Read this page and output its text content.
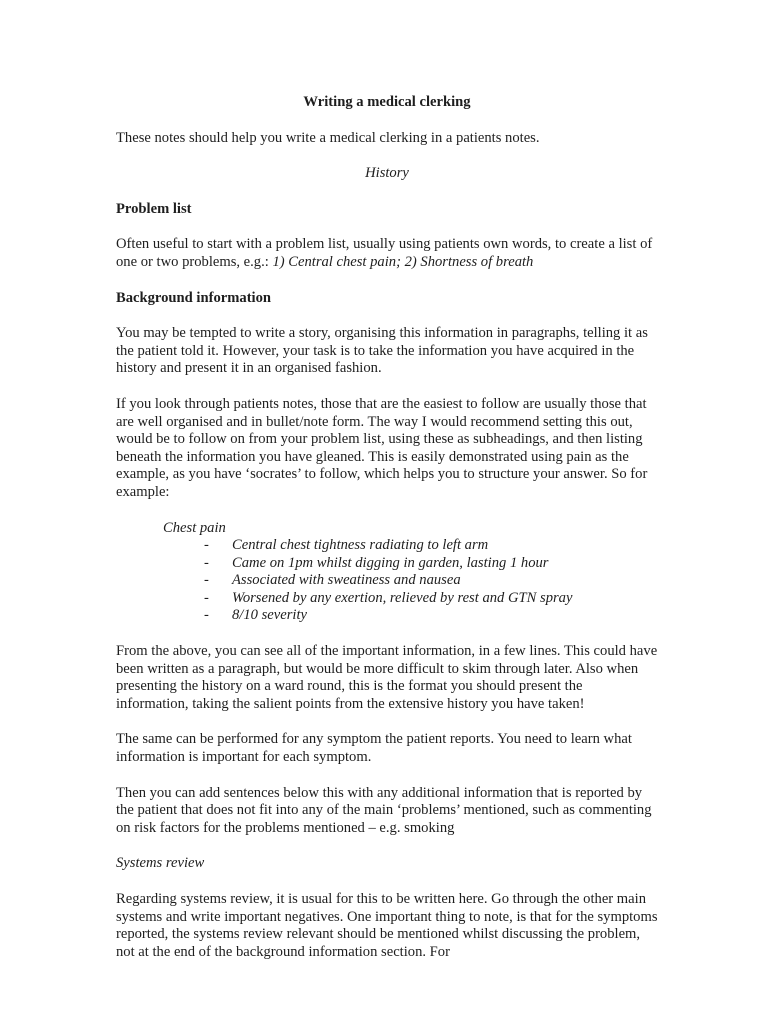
Writing a medical clerking

These notes should help you write a medical clerking in a patients notes.

History

Problem list

Often useful to start with a problem list, usually using patients own words, to create a list of one or two problems, e.g.: 1) Central chest pain; 2) Shortness of breath

Background information

You may be tempted to write a story, organising this information in paragraphs, telling it as the patient told it. However, your task is to take the information you have acquired in the history and present it in an organised fashion.

If you look through patients notes, those that are the easiest to follow are usually those that are well organised and in bullet/note form. The way I would recommend setting this out, would be to follow on from your problem list, using these as subheadings, and then listing beneath the information you have gleaned. This is easily demonstrated using pain as the example, as you have ‘socrates’ to follow, which helps you to structure your answer. So for example:

Chest pain
-	Central chest tightness radiating to left arm
-	Came on 1pm whilst digging in garden, lasting 1 hour
-	Associated with sweatiness and nausea
-	Worsened by any exertion, relieved by rest and GTN spray
-	8/10 severity

From the above, you can see all of the important information, in a few lines. This could have been written as a paragraph, but would be more difficult to skim through later. Also when presenting the history on a ward round, this is the format you should present the information, taking the salient points from the extensive history you have taken!

The same can be performed for any symptom the patient reports. You need to learn what information is important for each symptom.

Then you can add sentences below this with any additional information that is reported by the patient that does not fit into any of the main ‘problems’ mentioned, such as commenting on risk factors for the problems mentioned – e.g. smoking

Systems review

Regarding systems review, it is usual for this to be written here. Go through the other main systems and write important negatives. One important thing to note, is that for the symptoms reported, the systems review relevant should be mentioned whilst discussing the problem, not at the end of the background information section. For
